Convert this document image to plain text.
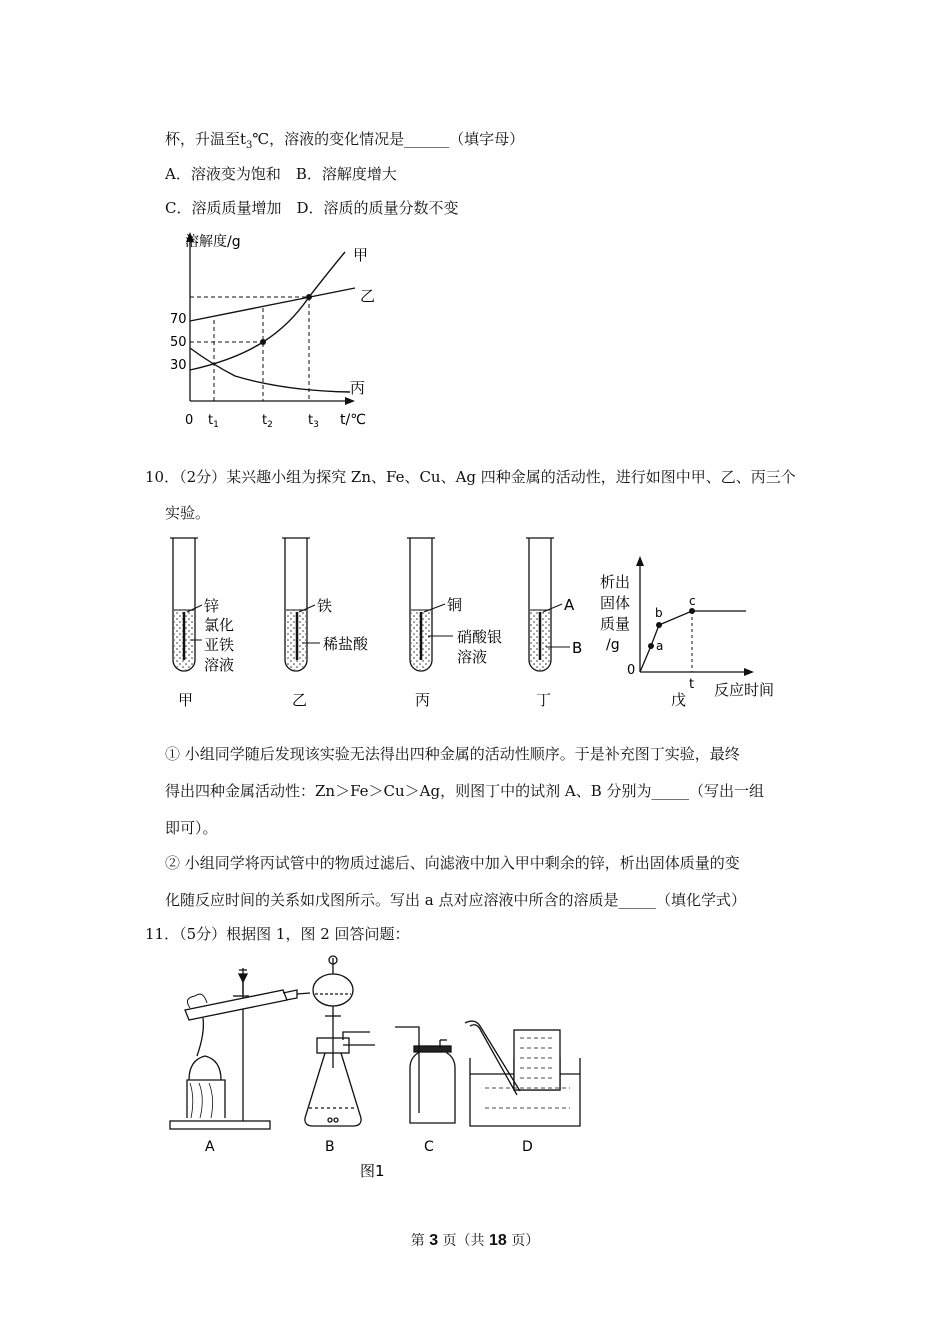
杯，升温至$t_3℃$，溶液的变化情况是______（填字母）
A．溶液变为饱和　B．溶解度增大
C．溶质质量增加　D．溶质的质量分数不变
溶解度/g
t/℃
0
70
50
30
$t_1$	$t_2$	$t_3$
甲
乙
丙
10．（2分）某兴趣小组为探究 Zn、Fe、Cu、Ag 四种金属的活动性，进行如图中甲、乙、丙三个
实验。
锌
氯化
亚铁
溶液
甲
铁
稀盐酸
乙
铜
硝酸银
溶液
丙
A
B
丁
析出
固体
质量
/g
0
a
b
c
t 反应时间
戊
① 小组同学随后发现该实验无法得出四种金属的活动性顺序。于是补充图丁实验，最终
得出四种金属活动性：Zn＞Fe＞Cu＞Ag，则图丁中的试剂 A、B 分别为_____（写出一组
即可）。
② 小组同学将丙试管中的物质过滤后、向滤液中加入甲中剩余的锌，析出固体质量的变
化随反应时间的关系如戊图所示。写出 a 点对应溶液中所含的溶质是_____（填化学式）
11．（5分）根据图 1，图 2 回答问题：
A	B	C	D
图1
第 3 页（共 18 页）
